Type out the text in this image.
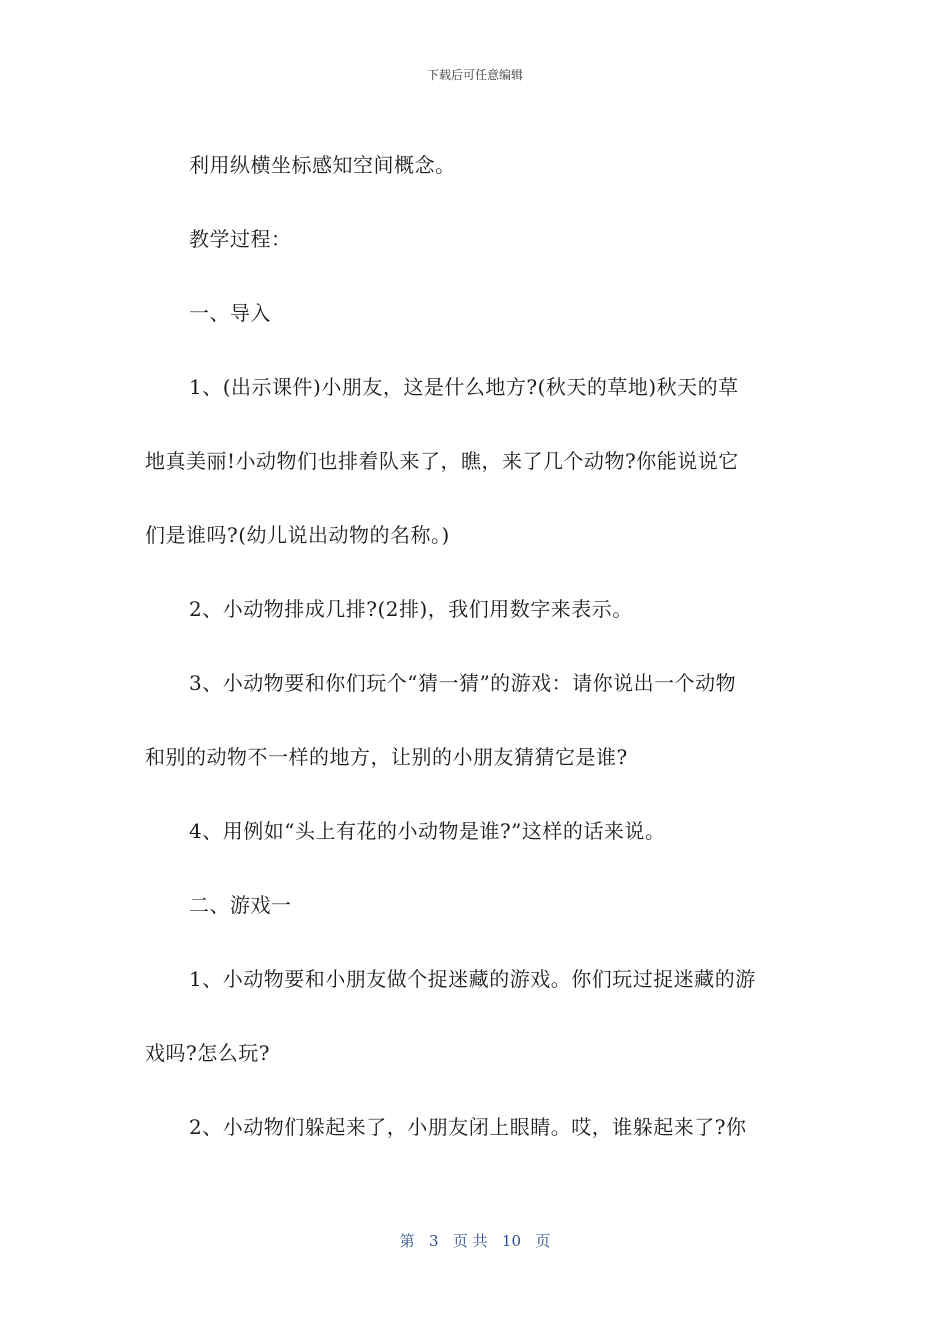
下载后可任意编辑

利用纵横坐标感知空间概念。

教学过程：

一、导入

1、(出示课件)小朋友，这是什么地方?(秋天的草地)秋天的草

地真美丽!小动物们也排着队来了，瞧，来了几个动物?你能说说它

们是谁吗?(幼儿说出动物的名称。)

2、小动物排成几排?(2排)，我们用数字来表示。

3、小动物要和你们玩个“猜一猜”的游戏：请你说出一个动物

和别的动物不一样的地方，让别的小朋友猜猜它是谁?

4、用例如“头上有花的小动物是谁?”这样的话来说。

二、游戏一

1、小动物要和小朋友做个捉迷藏的游戏。你们玩过捉迷藏的游

戏吗?怎么玩?

2、小动物们躲起来了，小朋友闭上眼睛。哎，谁躲起来了?你

第 3 页 共 10 页
